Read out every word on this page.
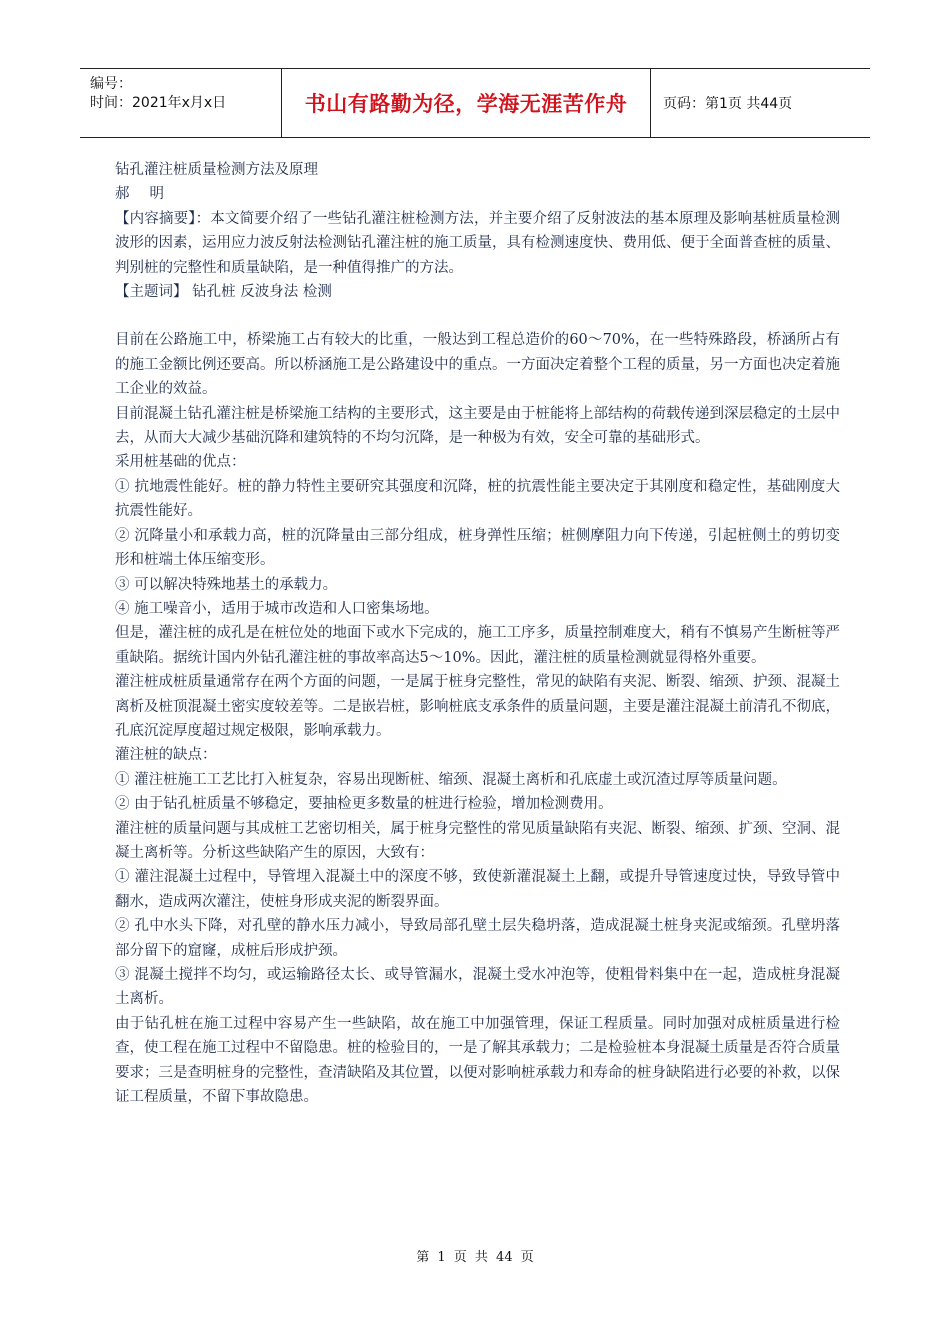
编号：
时间：2021年x月x日	书山有路勤为径，学海无涯苦作舟	页码：第1页 共44页

钻孔灌注桩质量检测方法及原理

郝明

【内容摘要】：本文简要介绍了一些钻孔灌注桩检测方法，并主要介绍了反射波法的基本原理及影响基桩质量检测波形的因素，运用应力波反射法检测钻孔灌注桩的施工质量，具有检测速度快、费用低、便于全面普查桩的质量、判别桩的完整性和质量缺陷，是一种值得推广的方法。

【主题词】 钻孔桩 反波身法 检测

目前在公路施工中，桥梁施工占有较大的比重，一般达到工程总造价的60～70%，在一些特殊路段，桥涵所占有的施工金额比例还要高。所以桥涵施工是公路建设中的重点。一方面决定着整个工程的质量，另一方面也决定着施工企业的效益。

目前混凝土钻孔灌注桩是桥梁施工结构的主要形式，这主要是由于桩能将上部结构的荷载传递到深层稳定的土层中去，从而大大减少基础沉降和建筑特的不均匀沉降，是一种极为有效，安全可靠的基础形式。

采用桩基础的优点：

① 抗地震性能好。桩的静力特性主要研究其强度和沉降，桩的抗震性能主要决定于其刚度和稳定性，基础刚度大抗震性能好。

② 沉降量小和承载力高，桩的沉降量由三部分组成，桩身弹性压缩；桩侧摩阻力向下传递，引起桩侧土的剪切变形和桩端土体压缩变形。

③ 可以解决特殊地基土的承载力。

④ 施工噪音小，适用于城市改造和人口密集场地。

但是，灌注桩的成孔是在桩位处的地面下或水下完成的，施工工序多，质量控制难度大，稍有不慎易产生断桩等严重缺陷。据统计国内外钻孔灌注桩的事故率高达5～10%。因此，灌注桩的质量检测就显得格外重要。

灌注桩成桩质量通常存在两个方面的问题，一是属于桩身完整性，常见的缺陷有夹泥、断裂、缩颈、护颈、混凝土离析及桩顶混凝土密实度较差等。二是嵌岩桩，影响桩底支承条件的质量问题，主要是灌注混凝土前清孔不彻底，孔底沉淀厚度超过规定极限，影响承载力。

灌注桩的缺点：

① 灌注桩施工工艺比打入桩复杂，容易出现断桩、缩颈、混凝土离析和孔底虚土或沉渣过厚等质量问题。

② 由于钻孔桩质量不够稳定，要抽检更多数量的桩进行检验，增加检测费用。

灌注桩的质量问题与其成桩工艺密切相关，属于桩身完整性的常见质量缺陷有夹泥、断裂、缩颈、扩颈、空洞、混凝土离析等。分析这些缺陷产生的原因，大致有：

① 灌注混凝土过程中，导管埋入混凝土中的深度不够，致使新灌混凝土上翻，或提升导管速度过快，导致导管中翻水，造成两次灌注，使桩身形成夹泥的断裂界面。

② 孔中水头下降，对孔壁的静水压力减小，导致局部孔壁土层失稳坍落，造成混凝土桩身夹泥或缩颈。孔壁坍落部分留下的窟窿，成桩后形成护颈。

③ 混凝土搅拌不均匀，或运输路径太长、或导管漏水，混凝土受水冲泡等，使粗骨料集中在一起，造成桩身混凝土离析。

由于钻孔桩在施工过程中容易产生一些缺陷，故在施工中加强管理，保证工程质量。同时加强对成桩质量进行检查，使工程在施工过程中不留隐患。桩的检验目的，一是了解其承载力；二是检验桩本身混凝土质量是否符合质量要求；三是查明桩身的完整性，查清缺陷及其位置，以便对影响桩承载力和寿命的桩身缺陷进行必要的补救，以保证工程质量，不留下事故隐患。

第 1 页 共 44 页
